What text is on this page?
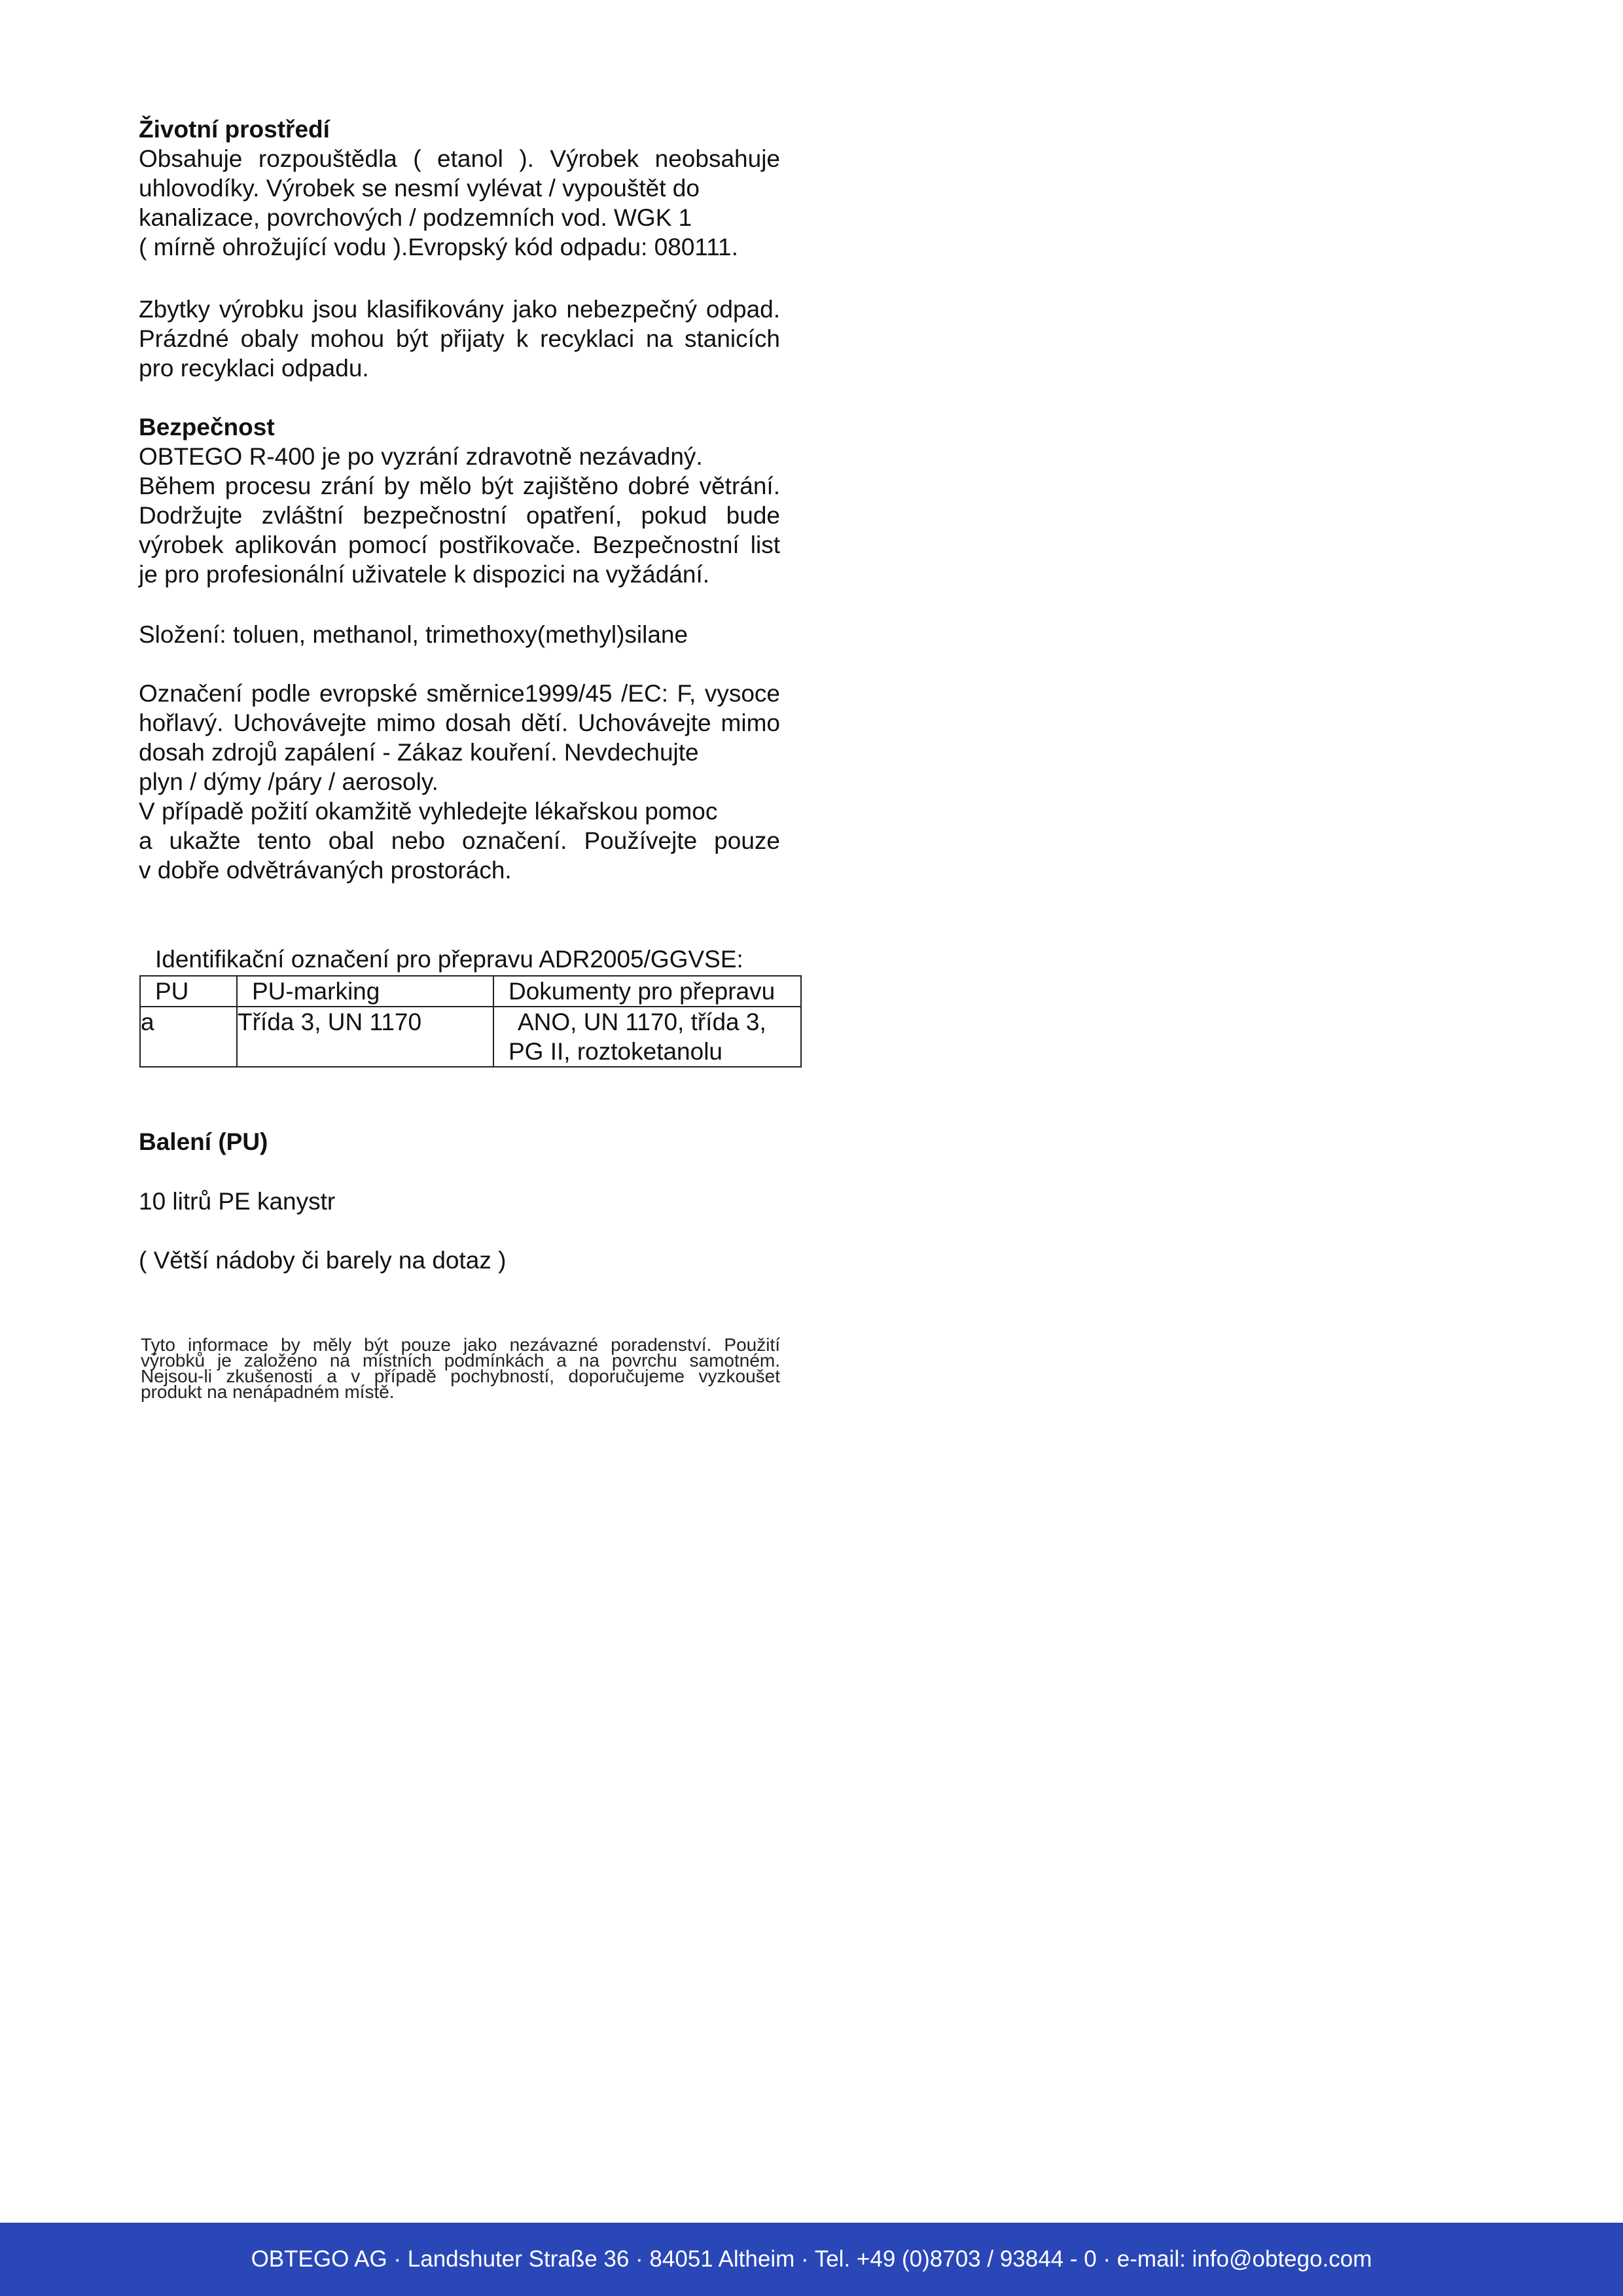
Životní prostředí
Obsahuje rozpouštědla ( etanol ). Výrobek neobsahuje
uhlovodíky. Výrobek se nesmí vylévat / vypouštět do
kanalizace, povrchových / podzemních vod. WGK 1
( mírně ohrožující vodu ).Evropský kód odpadu: 080111.
Zbytky výrobku jsou klasifikovány jako nebezpečný odpad.
Prázdné obaly mohou být přijaty k recyklaci na stanicích
pro recyklaci odpadu.
Bezpečnost
OBTEGO R-400 je po vyzrání zdravotně nezávadný.
Během procesu zrání by mělo být zajištěno dobré větrání.
Dodržujte zvláštní bezpečnostní opatření, pokud bude
výrobek aplikován pomocí postřikovače. Bezpečnostní list
je pro profesionální uživatele k dispozici na vyžádání.
Složení: toluen, methanol, trimethoxy(methyl)silane
Označení podle evropské směrnice1999/45 /EC: F, vysoce
hořlavý. Uchovávejte mimo dosah dětí. Uchovávejte mimo
dosah zdrojů zapálení - Zákaz kouření. Nevdechujte
plyn / dýmy /páry / aerosoly.
V případě požití okamžitě vyhledejte lékařskou pomoc
a ukažte tento obal nebo označení. Používejte pouze
v dobře odvětrávaných prostorách.
Identifikační označení pro přepravu ADR2005/GGVSE:
PU	PU-marking	Dokumenty pro přepravu
a	Třída 3, UN 1170	ANO, UN 1170, třída 3,
PG II, roztoketanolu
Balení (PU)
10 litrů PE kanystr
( Větší nádoby či barely na dotaz )
Tyto informace by měly být pouze jako nezávazné poradenství. Použití
výrobků je založeno na místních podmínkách a na povrchu samotném.
Nejsou-li zkušenosti a v případě pochybností, doporučujeme vyzkoušet
produkt na nenápadném místě.
OBTEGO AG · Landshuter Straße 36 · 84051 Altheim · Tel. +49 (0)8703 / 93844 - 0 · e-mail: info@obtego.com
